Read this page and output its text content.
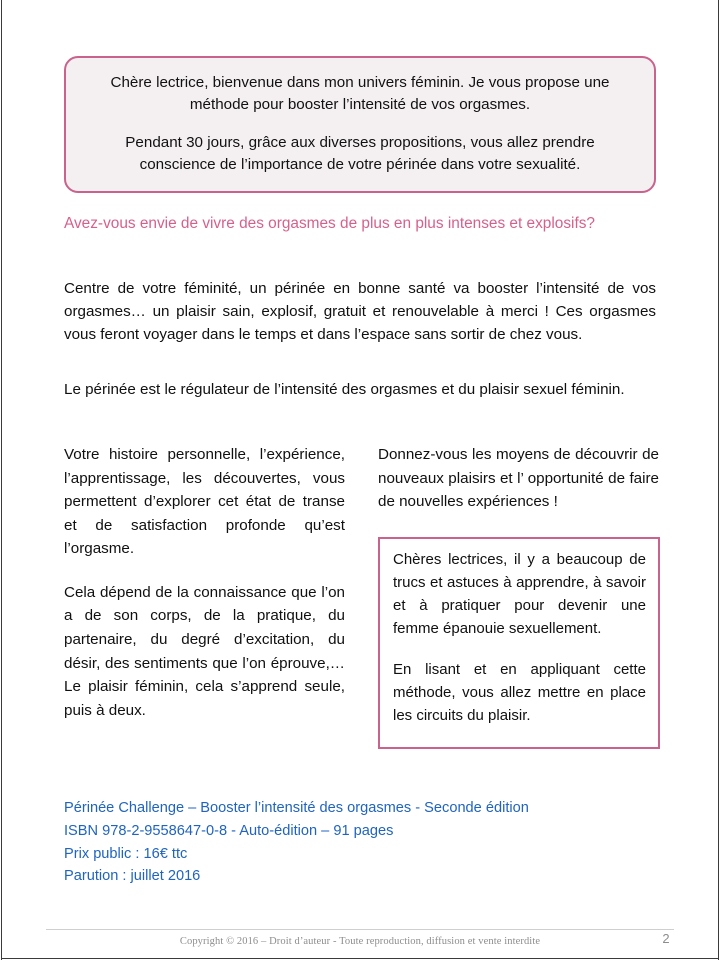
Chère lectrice, bienvenue dans mon univers féminin. Je vous propose une méthode pour booster l’intensité de vos orgasmes.

Pendant 30 jours, grâce aux diverses propositions, vous allez prendre conscience de l’importance de votre périnée dans votre sexualité.

Avez-vous envie de vivre des orgasmes de plus en plus intenses et explosifs?
Centre de votre féminité, un périnée en bonne santé va booster l’intensité de vos orgasmes… un plaisir sain, explosif, gratuit et renouvelable à merci ! Ces orgasmes vous feront voyager dans le temps et dans l’espace sans sortir de chez vous.
Le périnée est le régulateur de l’intensité des orgasmes et du plaisir sexuel féminin.

Votre histoire personnelle, l’expérience, l’apprentissage, les découvertes, vous permettent d’explorer cet état de transe et de satisfaction profonde qu’est l’orgasme.

Cela dépend de la connaissance que l’on a de son corps, de la pratique, du partenaire, du degré d’excitation, du désir, des sentiments que l’on éprouve,… Le plaisir féminin, cela s’apprend seule, puis à deux.

Donnez-vous les moyens de découvrir de nouveaux plaisirs et l’ opportunité de faire de nouvelles expériences !

Chères lectrices, il y a beaucoup de trucs et astuces à apprendre, à savoir et à pratiquer pour devenir une femme épanouie sexuellement.

En lisant et en appliquant cette méthode, vous allez mettre en place les circuits du plaisir.

Périnée Challenge – Booster l’intensité des orgasmes - Seconde édition
ISBN 978-2-9558647-0-8 - Auto-édition – 91 pages
Prix public : 16€ ttc
Parution : juillet 2016
Copyright © 2016 – Droit d’auteur - Toute reproduction, diffusion et vente interdite	2
